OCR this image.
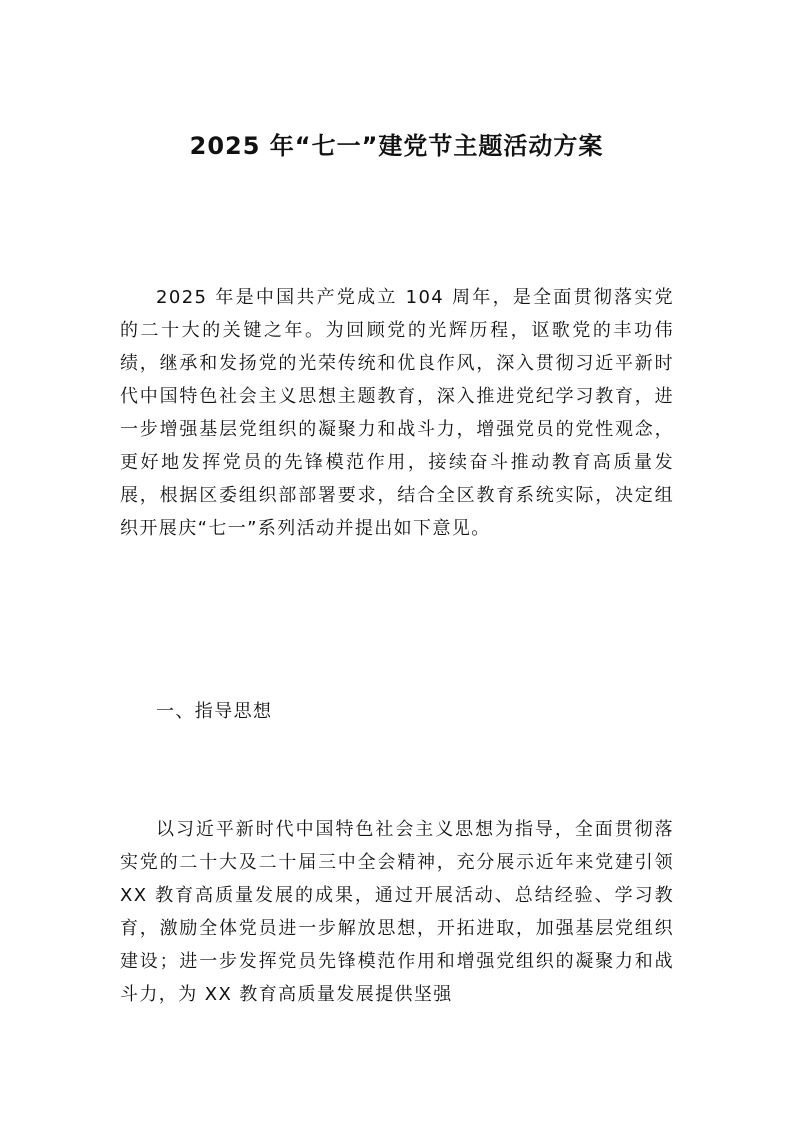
2025 年“七一”建党节主题活动方案

2025 年是中国共产党成立 104 周年，是全面贯彻落实党的二十大的关键之年。为回顾党的光辉历程，讴歌党的丰功伟绩，继承和发扬党的光荣传统和优良作风，深入贯彻习近平新时代中国特色社会主义思想主题教育，深入推进党纪学习教育，进一步增强基层党组织的凝聚力和战斗力，增强党员的党性观念，更好地发挥党员的先锋模范作用，接续奋斗推动教育高质量发展，根据区委组织部部署要求，结合全区教育系统实际，决定组织开展庆“七一”系列活动并提出如下意见。

一、指导思想

以习近平新时代中国特色社会主义思想为指导，全面贯彻落实党的二十大及二十届三中全会精神，充分展示近年来党建引领 XX 教育高质量发展的成果，通过开展活动、总结经验、学习教育，激励全体党员进一步解放思想，开拓进取，加强基层党组织建设；进一步发挥党员先锋模范作用和增强党组织的凝聚力和战斗力，为 XX 教育高质量发展提供坚强
